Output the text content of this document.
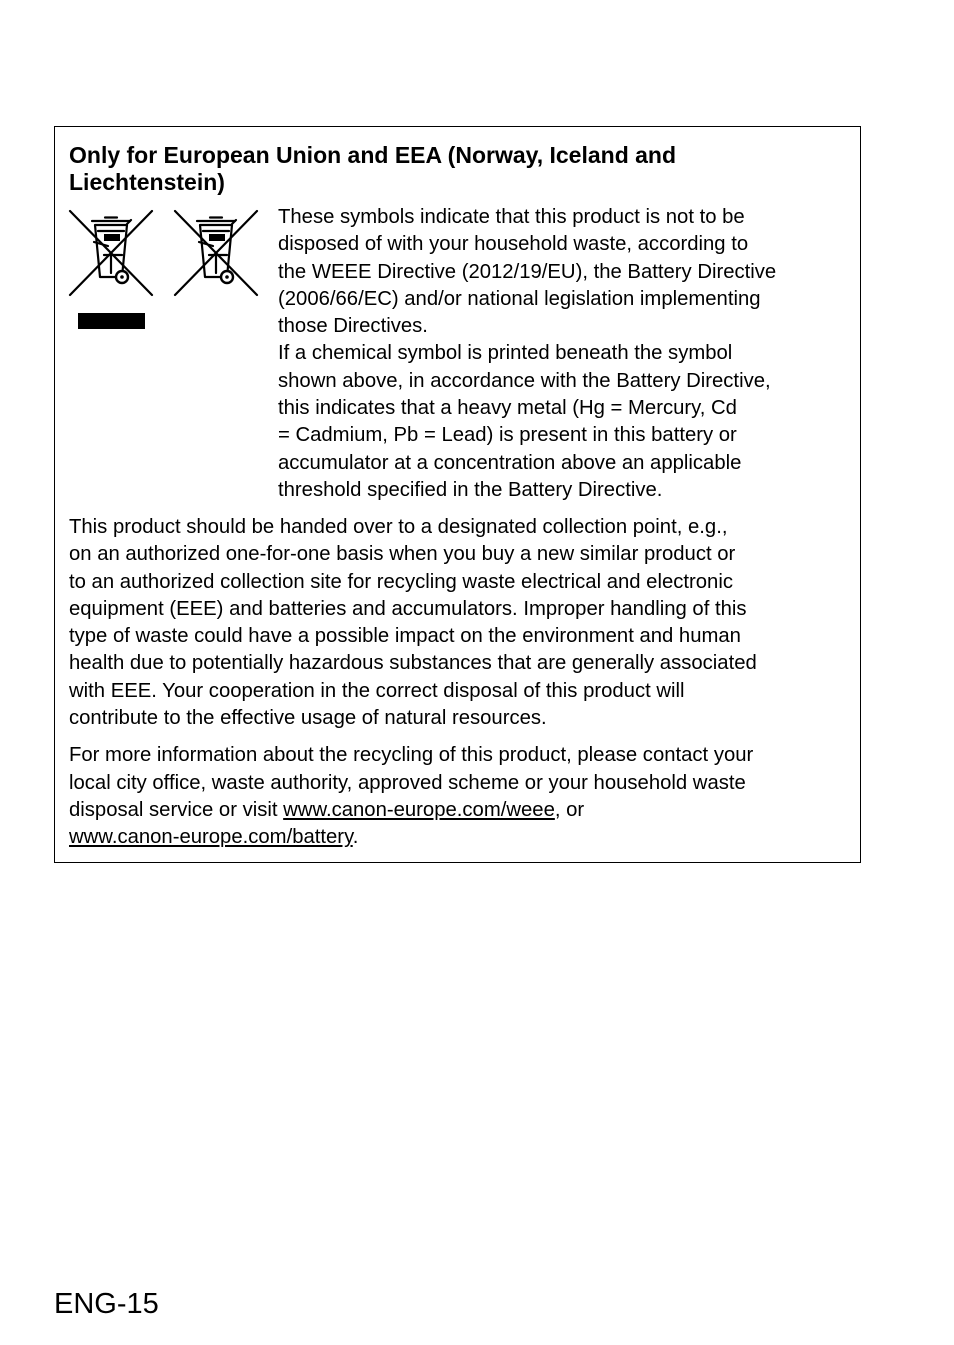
Only for European Union and EEA (Norway, Iceland and
Liechtenstein)

These symbols indicate that this product is not to be
disposed of with your household waste, according to
the WEEE Directive (2012/19/EU), the Battery Directive
(2006/66/EC) and/or national legislation implementing
those Directives.

If a chemical symbol is printed beneath the symbol
shown above, in accordance with the Battery Directive,
this indicates that a heavy metal (Hg = Mercury, Cd
= Cadmium, Pb = Lead) is present in this battery or
accumulator at a concentration above an applicable
threshold specified in the Battery Directive.

This product should be handed over to a designated collection point, e.g.,
on an authorized one-for-one basis when you buy a new similar product or
to an authorized collection site for recycling waste electrical and electronic
equipment (EEE) and batteries and accumulators. Improper handling of this
type of waste could have a possible impact on the environment and human
health due to potentially hazardous substances that are generally associated
with EEE. Your cooperation in the correct disposal of this product will
contribute to the effective usage of natural resources.

For more information about the recycling of this product, please contact your
local city office, waste authority, approved scheme or your household waste
disposal service or visit www.canon-europe.com/weee, or
www.canon-europe.com/battery.

ENG-15
